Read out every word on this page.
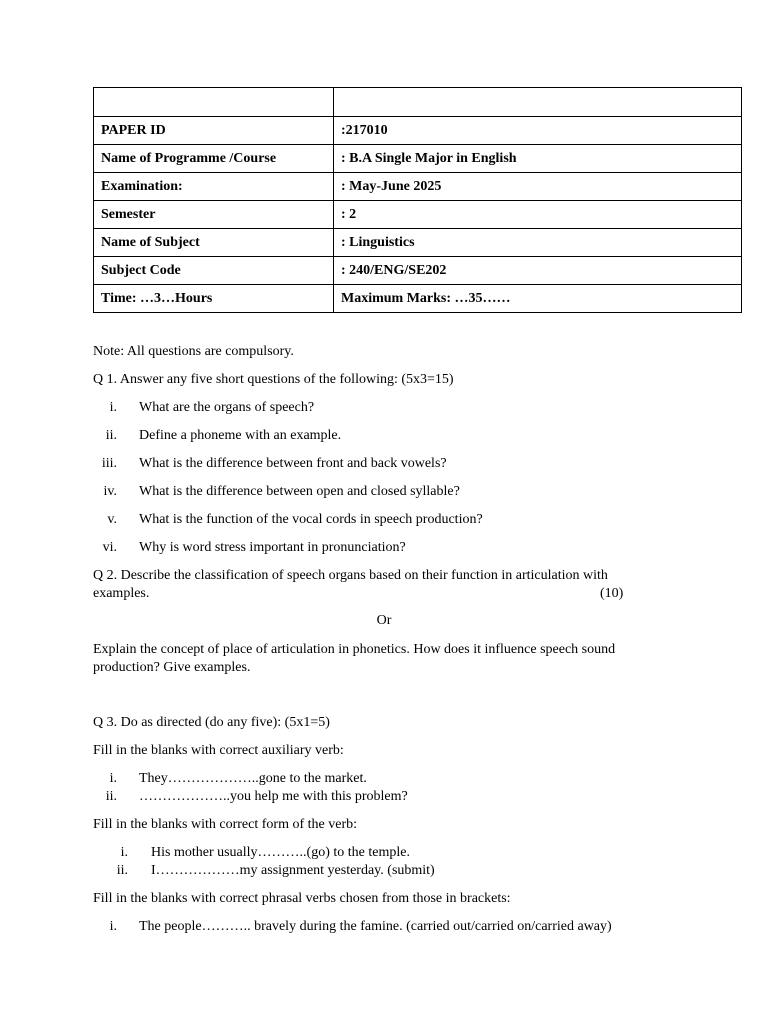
PAPER ID	:217010
Name of Programme /Course	: B.A Single Major in English
Examination:	: May-June 2025
Semester	: 2
Name of Subject	: Linguistics
Subject Code	: 240/ENG/SE202
Time: …3…Hours	Maximum Marks: …35……
Note: All questions are compulsory.
Q 1. Answer any five short questions of the following: (5x3=15)
i. What are the organs of speech?
ii. Define a phoneme with an example.
iii. What is the difference between front and back vowels?
iv. What is the difference between open and closed syllable?
v. What is the function of the vocal cords in speech production?
vi. Why is word stress important in pronunciation?
Q 2. Describe the classification of speech organs based on their function in articulation with
examples.	(10)
Or
Explain the concept of place of articulation in phonetics. How does it influence speech sound
production? Give examples.
Q 3. Do as directed (do any five): (5x1=5)
Fill in the blanks with correct auxiliary verb:
i. They………………..gone to the market.
ii. ………………..you help me with this problem?
Fill in the blanks with correct form of the verb:
i. His mother usually………..(go) to the temple.
ii. I………………my assignment yesterday. (submit)
Fill in the blanks with correct phrasal verbs chosen from those in brackets:
i. The people……….. bravely during the famine. (carried out/carried on/carried away)
